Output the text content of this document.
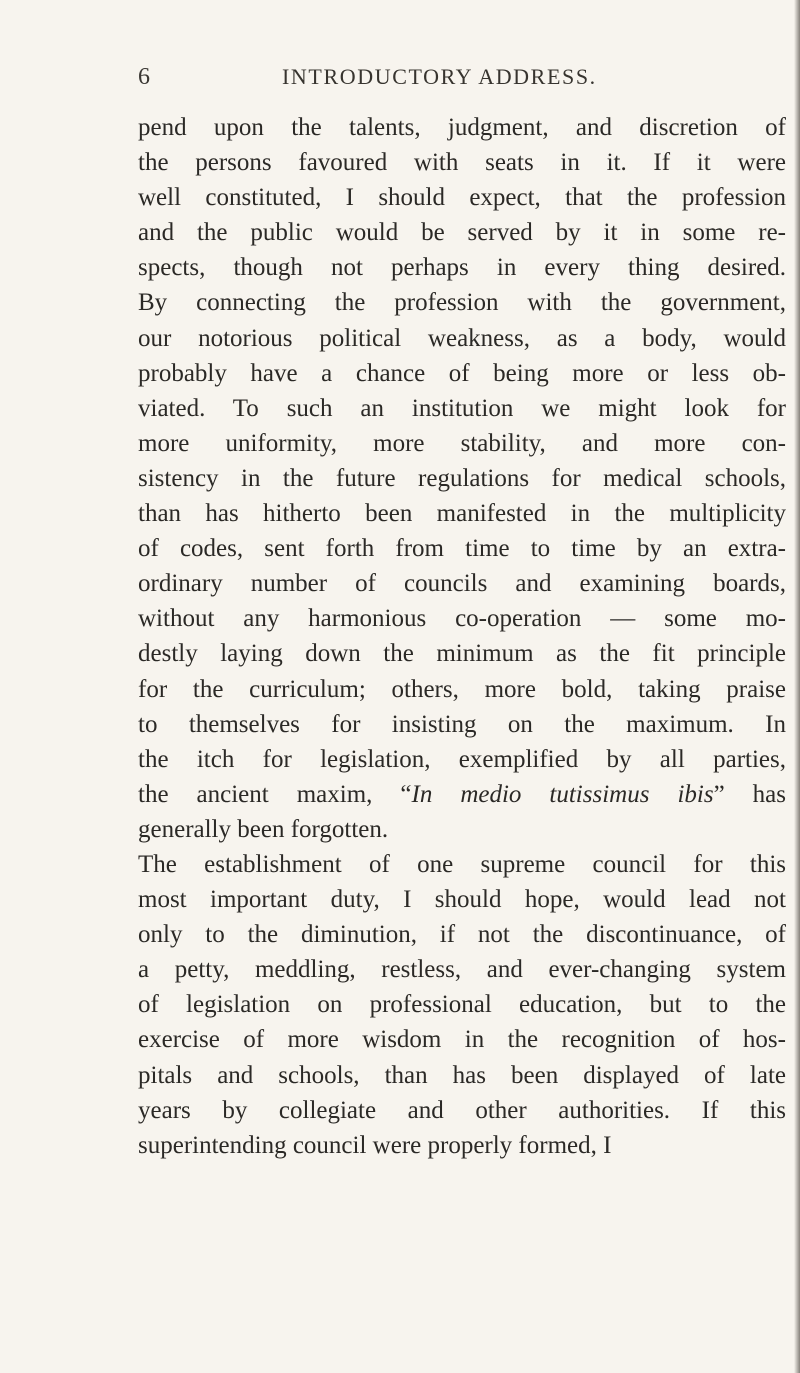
6	INTRODUCTORY ADDRESS.
pend upon the talents, judgment, and discretion of
the persons favoured with seats in it. If it were
well constituted, I should expect, that the profession
and the public would be served by it in some re-
spects, though not perhaps in every thing desired.
By connecting the profession with the government,
our notorious political weakness, as a body, would
probably have a chance of being more or less ob-
viated. To such an institution we might look for
more uniformity, more stability, and more con-
sistency in the future regulations for medical schools,
than has hitherto been manifested in the multiplicity
of codes, sent forth from time to time by an extra-
ordinary number of councils and examining boards,
without any harmonious co-operation — some mo-
destly laying down the minimum as the fit principle
for the curriculum; others, more bold, taking praise
to themselves for insisting on the maximum. In
the itch for legislation, exemplified by all parties,
the ancient maxim, “In medio tutissimus ibis” has
generally been forgotten.
The establishment of one supreme council for this
most important duty, I should hope, would lead not
only to the diminution, if not the discontinuance, of
a petty, meddling, restless, and ever-changing system
of legislation on professional education, but to the
exercise of more wisdom in the recognition of hos-
pitals and schools, than has been displayed of late
years by collegiate and other authorities. If this
superintending council were properly formed, I
